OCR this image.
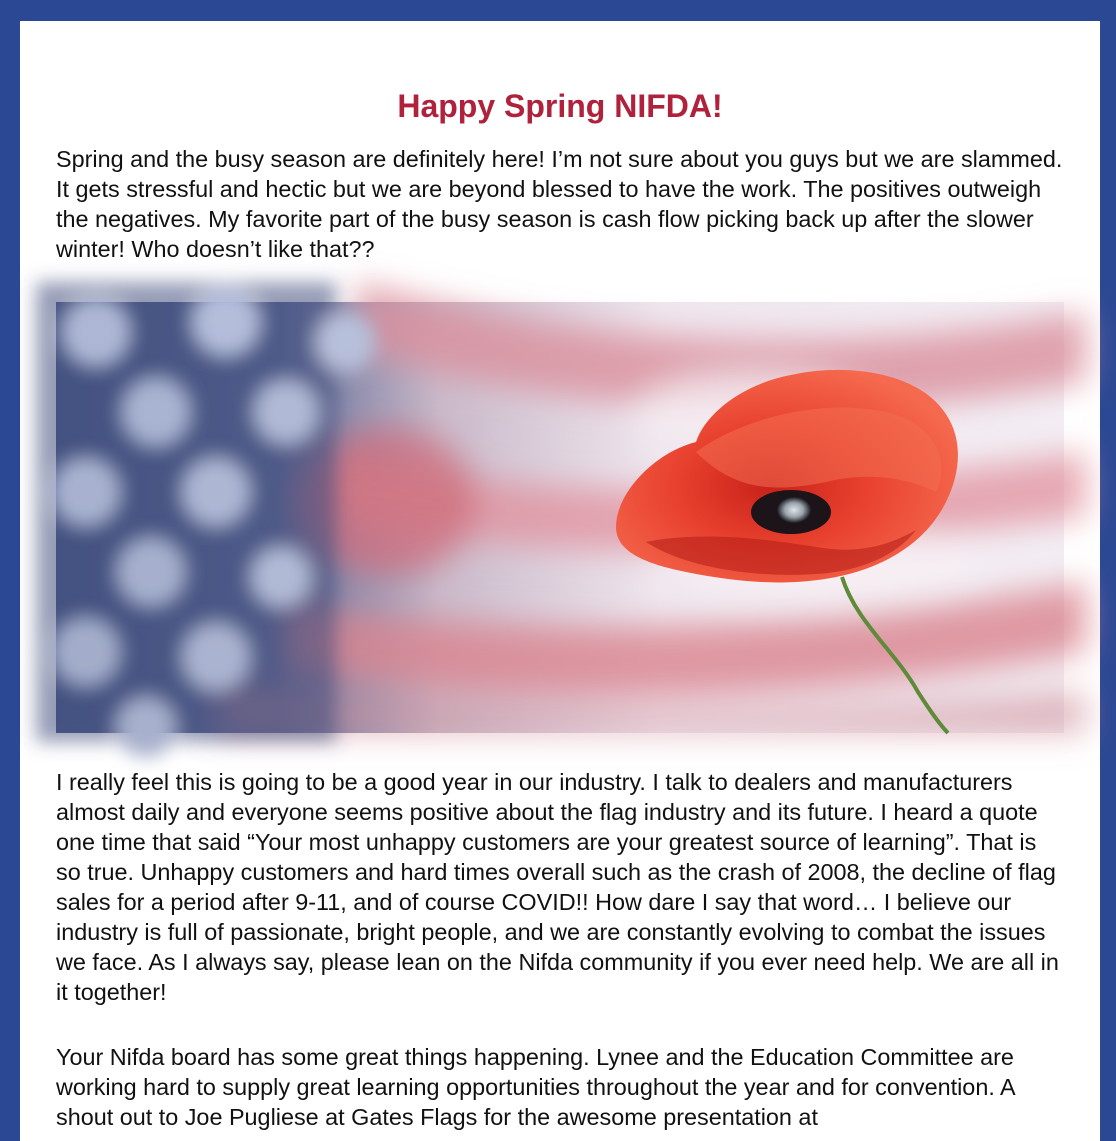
Happy Spring NIFDA!

Spring and the busy season are definitely here! I’m not sure about you guys but we are slammed. It gets stressful and hectic but we are beyond blessed to have the work. The positives outweigh the negatives. My favorite part of the busy season is cash flow picking back up after the slower winter! Who doesn’t like that??

I really feel this is going to be a good year in our industry. I talk to dealers and manufacturers almost daily and everyone seems positive about the flag industry and its future. I heard a quote one time that said “Your most unhappy customers are your greatest source of learning”. That is so true. Unhappy customers and hard times overall such as the crash of 2008, the decline of flag sales for a period after 9-11, and of course COVID!! How dare I say that word… I believe our industry is full of passionate, bright people, and we are constantly evolving to combat the issues we face. As I always say, please lean on the Nifda community if you ever need help. We are all in it together!

Your Nifda board has some great things happening. Lynee and the Education Committee are working hard to supply great learning opportunities throughout the year and for convention. A shout out to Joe Pugliese at Gates Flags for the awesome presentation at
